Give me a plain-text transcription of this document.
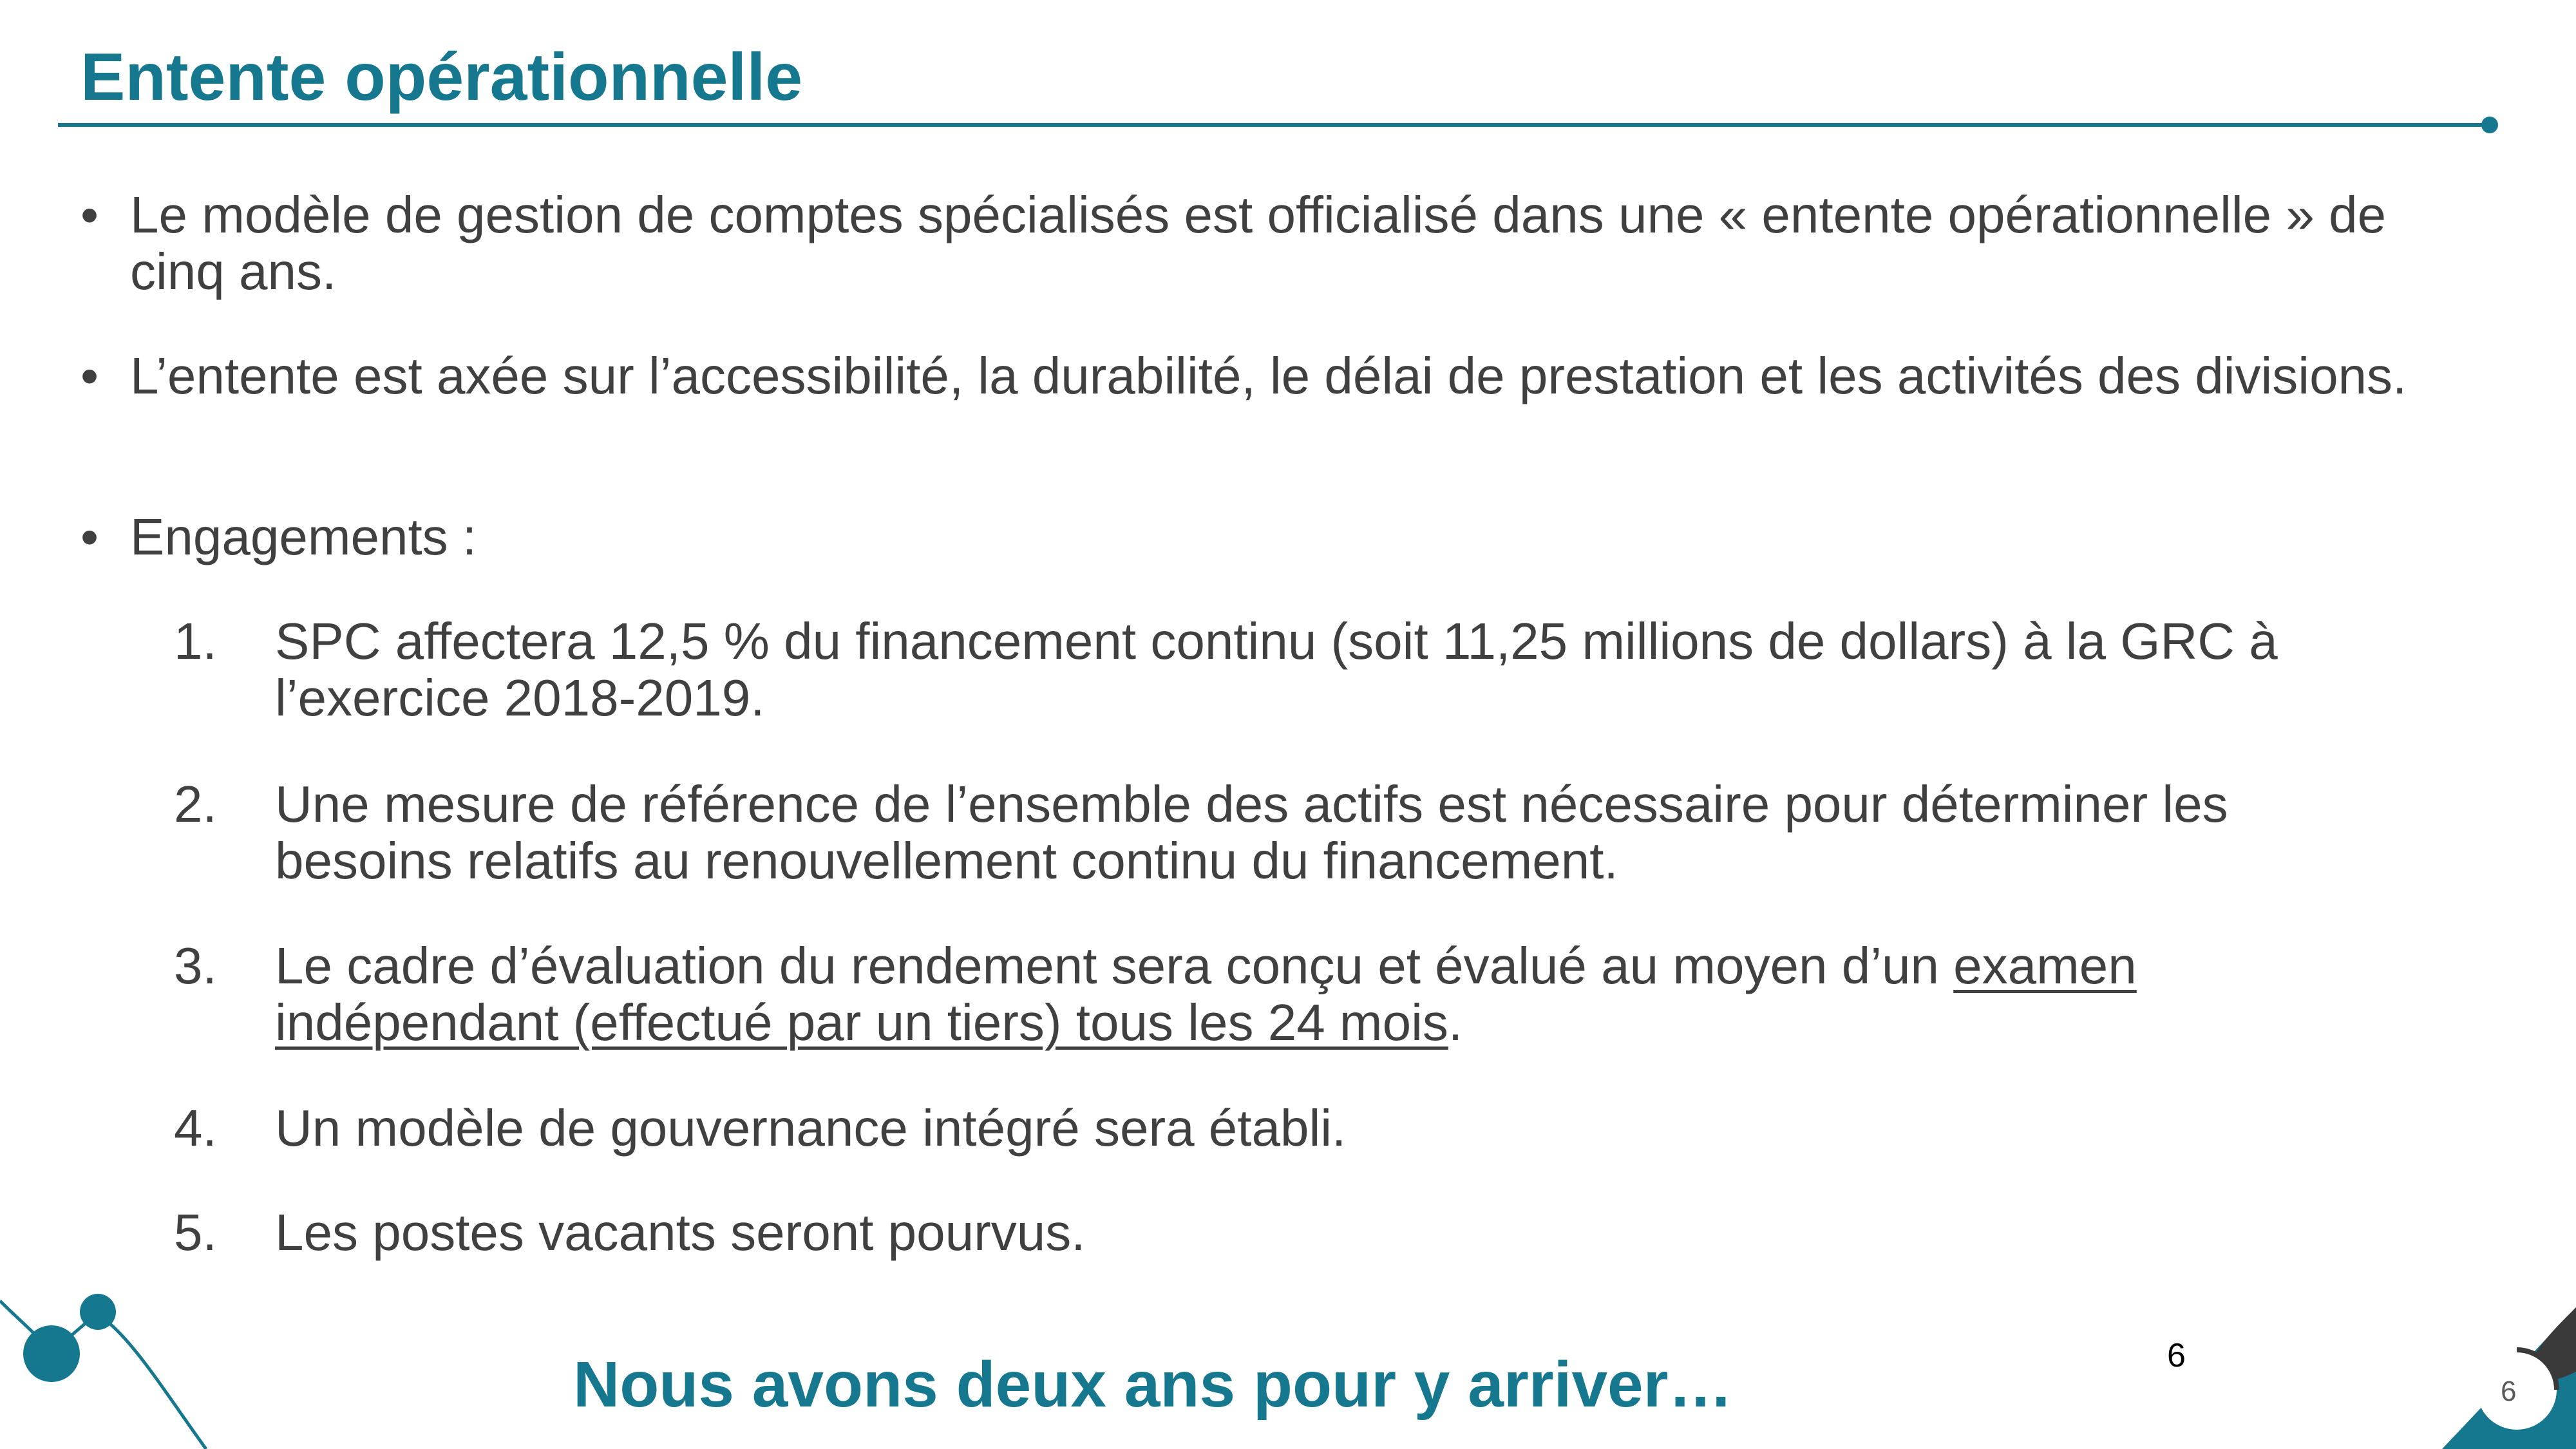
Entente opérationnelle
• Le modèle de gestion de comptes spécialisés est officialisé dans une « entente opérationnelle » de cinq ans.
• L’entente est axée sur l’accessibilité, la durabilité, le délai de prestation et les activités des divisions.
• Engagements :
1.	SPC affectera 12,5 % du financement continu (soit 11,25 millions de dollars) à la GRC à l’exercice 2018-2019.
2.	Une mesure de référence de l’ensemble des actifs est nécessaire pour déterminer les besoins relatifs au renouvellement continu du financement.
3.	Le cadre d’évaluation du rendement sera conçu et évalué au moyen d’un examen indépendant (effectué par un tiers) tous les 24 mois.
4.	Un modèle de gouvernance intégré sera établi.
5.	Les postes vacants seront pourvus.
Nous avons deux ans pour y arriver…	6
6
